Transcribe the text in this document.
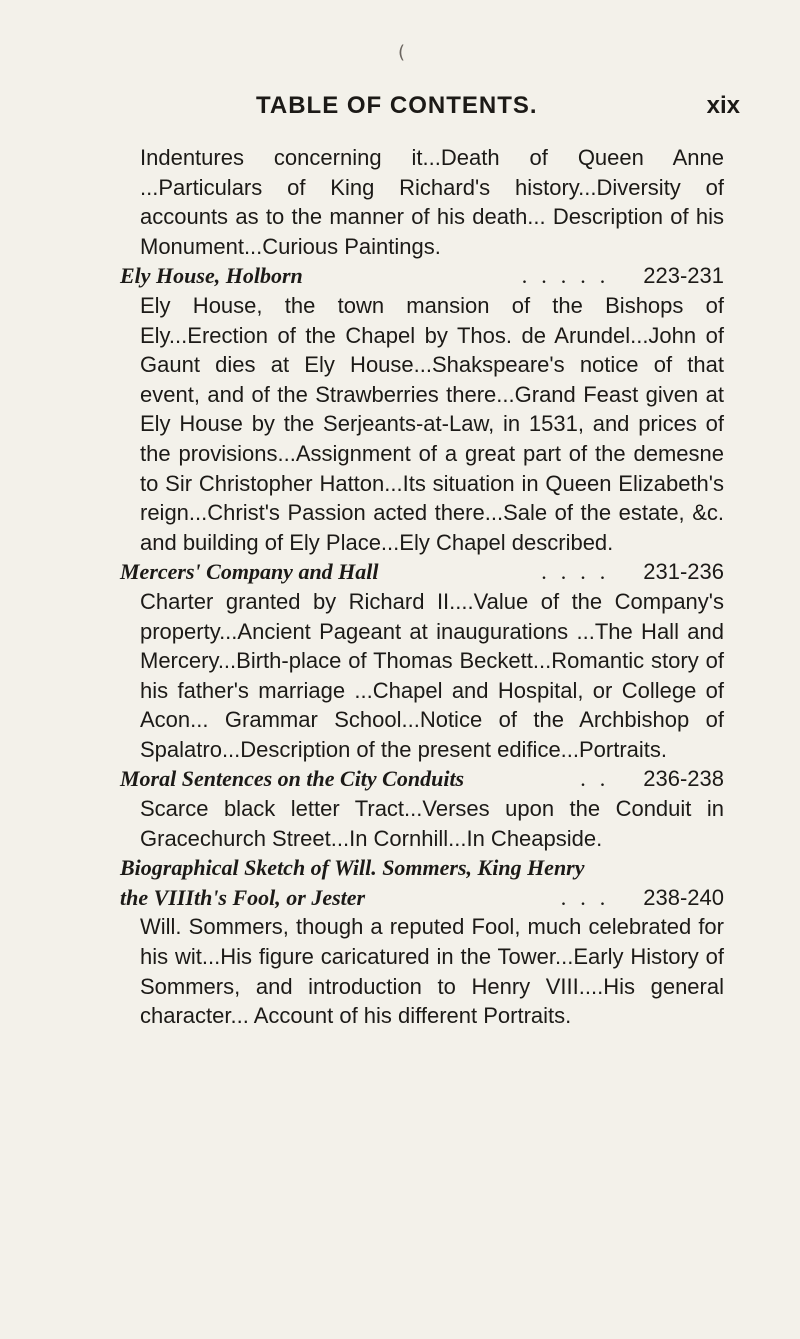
(
TABLE OF CONTENTS.	xix

Indentures concerning it...Death of Queen Anne ...Particulars of King Richard's history...Diversity of accounts as to the manner of his death... Description of his Monument...Curious Paintings.

Ely House, Holborn	.....	223-231

Ely House, the town mansion of the Bishops of Ely...Erection of the Chapel by Thos. de Arundel...John of Gaunt dies at Ely House...Shakspeare's notice of that event, and of the Strawberries there...Grand Feast given at Ely House by the Serjeants-at-Law, in 1531, and prices of the provisions...Assignment of a great part of the demesne to Sir Christopher Hatton...Its situation in Queen Elizabeth's reign...Christ's Passion acted there...Sale of the estate, &c. and building of Ely Place...Ely Chapel described.

Mercers' Company and Hall	....	231-236

Charter granted by Richard II....Value of the Company's property...Ancient Pageant at inaugurations ...The Hall and Mercery...Birth-place of Thomas Beckett...Romantic story of his father's marriage ...Chapel and Hospital, or College of Acon... Grammar School...Notice of the Archbishop of Spalatro...Description of the present edifice...Portraits.

Moral Sentences on the City Conduits	..	236-238

Scarce black letter Tract...Verses upon the Conduit in Gracechurch Street...In Cornhill...In Cheapside.

Biographical Sketch of Will. Sommers, King Henry
the VIIIth's Fool, or Jester	...	238-240

Will. Sommers, though a reputed Fool, much celebrated for his wit...His figure caricatured in the Tower...Early History of Sommers, and introduction to Henry VIII....His general character... Account of his different Portraits.
